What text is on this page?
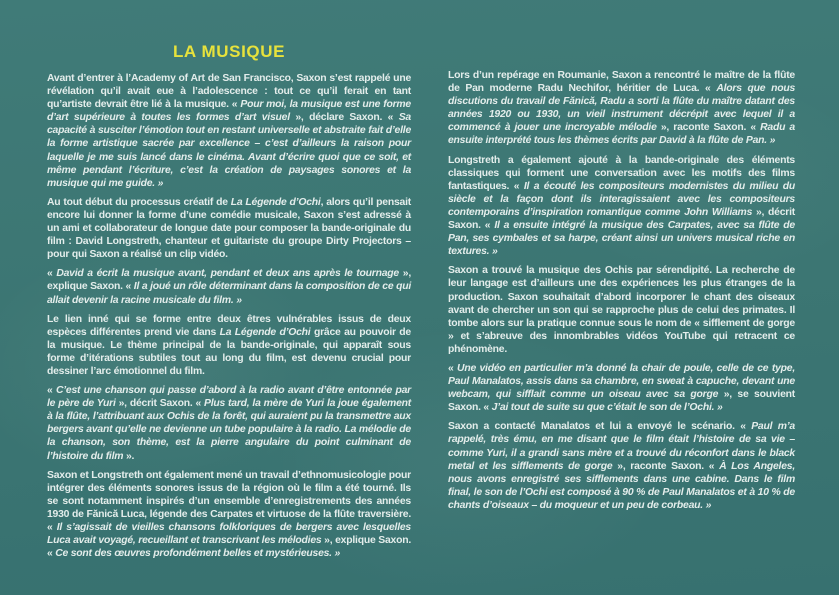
LA MUSIQUE

Avant d’entrer à l’Academy of Art de San Francisco, Saxon s’est rappelé une révélation qu’il avait eue à l’adolescence : tout ce qu’il ferait en tant qu’artiste devrait être lié à la musique. « Pour moi, la musique est une forme d’art supérieure à toutes les formes d’art visuel », déclare Saxon. « Sa capacité à susciter l’émotion tout en restant universelle et abstraite fait d’elle la forme artistique sacrée par excellence – c’est d’ailleurs la raison pour laquelle je me suis lancé dans le cinéma. Avant d’écrire quoi que ce soit, et même pendant l’écriture, c’est la création de paysages sonores et la musique qui me guide. »

Au tout début du processus créatif de La Légende d’Ochi, alors qu’il pensait encore lui donner la forme d’une comédie musicale, Saxon s’est adressé à un ami et collaborateur de longue date pour composer la bande-originale du film : David Longstreth, chanteur et guitariste du groupe Dirty Projectors – pour qui Saxon a réalisé un clip vidéo.

« David a écrit la musique avant, pendant et deux ans après le tournage », explique Saxon. « Il a joué un rôle déterminant dans la composition de ce qui allait devenir la racine musicale du film. »

Le lien inné qui se forme entre deux êtres vulnérables issus de deux espèces différentes prend vie dans La Légende d’Ochi grâce au pouvoir de la musique. Le thème principal de la bande-originale, qui apparaît sous forme d’itérations subtiles tout au long du film, est devenu crucial pour dessiner l’arc émotionnel du film.

« C’est une chanson qui passe d’abord à la radio avant d’être entonnée par le père de Yuri », décrit Saxon. « Plus tard, la mère de Yuri la joue également à la flûte, l’attribuant aux Ochis de la forêt, qui auraient pu la transmettre aux bergers avant qu’elle ne devienne un tube populaire à la radio. La mélodie de la chanson, son thème, est la pierre angulaire du point culminant de l’histoire du film ».

Saxon et Longstreth ont également mené un travail d’ethnomusicologie pour intégrer des éléments sonores issus de la région où le film a été tourné. Ils se sont notamment inspirés d’un ensemble d’enregistrements des années 1930 de Fănică Luca, légende des Carpates et virtuose de la flûte traversière. « Il s’agissait de vieilles chansons folkloriques de bergers avec lesquelles Luca avait voyagé, recueillant et transcrivant les mélodies », explique Saxon. « Ce sont des œuvres profondément belles et mystérieuses. »

Lors d’un repérage en Roumanie, Saxon a rencontré le maître de la flûte de Pan moderne Radu Nechifor, héritier de Luca. « Alors que nous discutions du travail de Fănică, Radu a sorti la flûte du maître datant des années 1920 ou 1930, un vieil instrument décrépit avec lequel il a commencé à jouer une incroyable mélodie », raconte Saxon. « Radu a ensuite interprété tous les thèmes écrits par David à la flûte de Pan. »

Longstreth a également ajouté à la bande-originale des éléments classiques qui forment une conversation avec les motifs des films fantastiques. « Il a écouté les compositeurs modernistes du milieu du siècle et la façon dont ils interagissaient avec les compositeurs contemporains d’inspiration romantique comme John Williams », décrit Saxon. « Il a ensuite intégré la musique des Carpates, avec sa flûte de Pan, ses cymbales et sa harpe, créant ainsi un univers musical riche en textures. »

Saxon a trouvé la musique des Ochis par sérendipité. La recherche de leur langage est d’ailleurs une des expériences les plus étranges de la production. Saxon souhaitait d’abord incorporer le chant des oiseaux avant de chercher un son qui se rapproche plus de celui des primates. Il tombe alors sur la pratique connue sous le nom de « sifflement de gorge » et s’abreuve des innombrables vidéos YouTube qui retracent ce phénomène.

« Une vidéo en particulier m’a donné la chair de poule, celle de ce type, Paul Manalatos, assis dans sa chambre, en sweat à capuche, devant une webcam, qui sifflait comme un oiseau avec sa gorge », se souvient Saxon. « J’ai tout de suite su que c’était le son de l’Ochi. »

Saxon a contacté Manalatos et lui a envoyé le scénario. « Paul m’a rappelé, très ému, en me disant que le film était l’histoire de sa vie – comme Yuri, il a grandi sans mère et a trouvé du réconfort dans le black metal et les sifflements de gorge », raconte Saxon. « À Los Angeles, nous avons enregistré ses sifflements dans une cabine. Dans le film final, le son de l’Ochi est composé à 90 % de Paul Manalatos et à 10 % de chants d’oiseaux – du moqueur et un peu de corbeau. »
